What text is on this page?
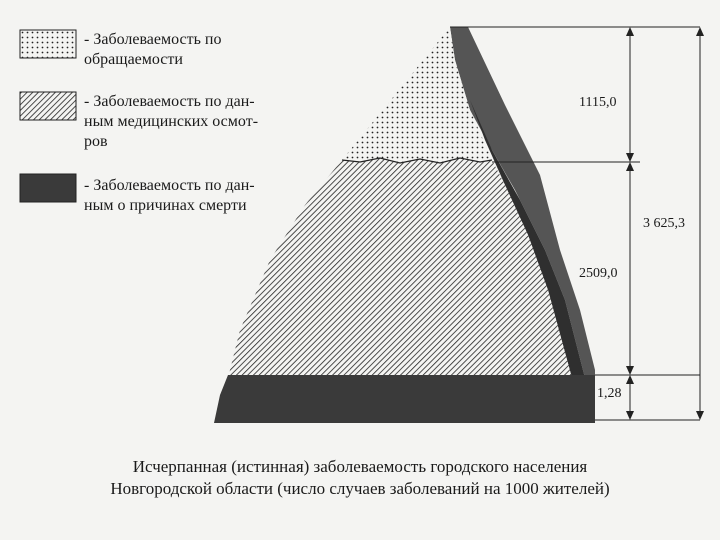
- Заболеваемость по
обращаемости
- Заболеваемость по дан-
ным медицинских осмот-
ров
- Заболеваемость по дан-
ным о причинах смерти
1115,0
2509,0
1,28
3 625,3
Исчерпанная (истинная) заболеваемость городского населения
Новгородской области (число случаев заболеваний на 1000 жителей)
